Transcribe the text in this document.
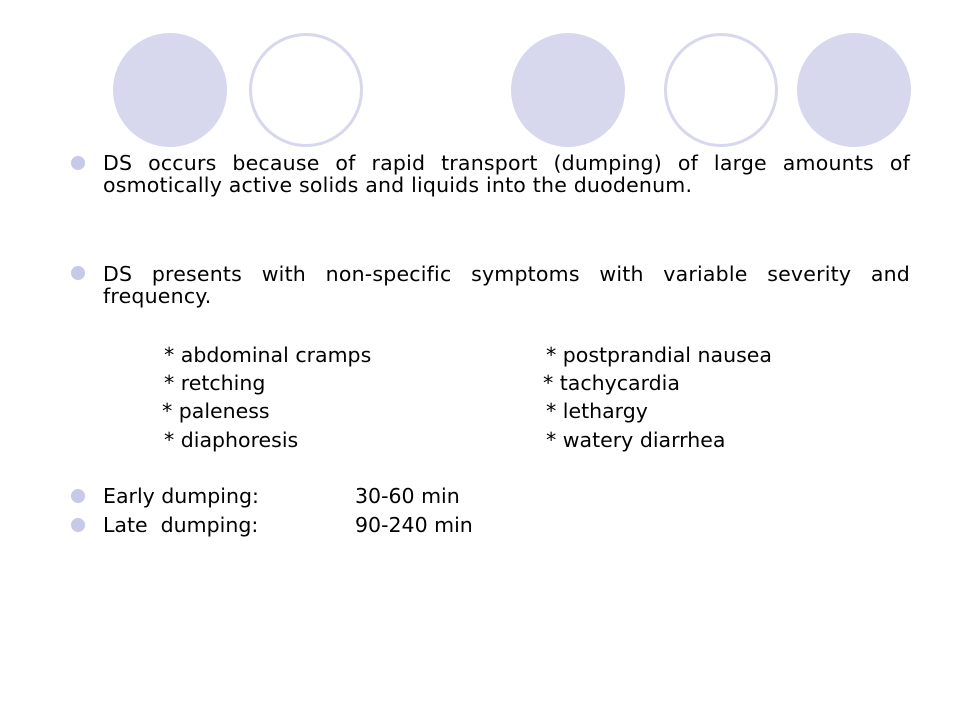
DS occurs because of rapid transport (dumping) of large amounts of osmotically active solids and liquids into the duodenum.
DS presents with non-specific symptoms with variable severity and frequency.
* abdominal cramps	* postprandial nausea
* retching	* tachycardia
* paleness	* lethargy
* diaphoresis	* watery diarrhea
Early dumping:	30-60 min
Late  dumping:	90-240 min
